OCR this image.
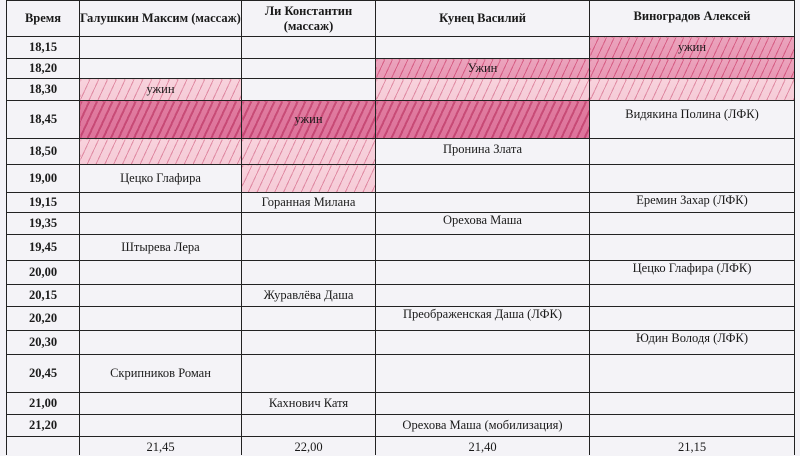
Время	Галушкин Максим (массаж)	Ли Константин (массаж)	Кунец Василий	Виноградов Алексей
18,15				ужин
18,20			Ужин	
18,30	ужин			
18,45		ужин		Видякина Полина (ЛФК)
18,50			Пронина Злата	
19,00	Цецко Глафира			
19,15		Горанная Милана		Еремин Захар (ЛФК)
19,35			Орехова Маша	
19,45	Штырева Лера			
20,00				Цецко Глафира (ЛФК)
20,15		Журавлёва Даша		
20,20			Преображенская Даша (ЛФК)	
20,30				Юдин Володя (ЛФК)
20,45	Скрипников Роман			
21,00		Кахнович Катя		
21,20			Орехова Маша (мобилизация)	
	21,45	22,00	21,40	21,15
